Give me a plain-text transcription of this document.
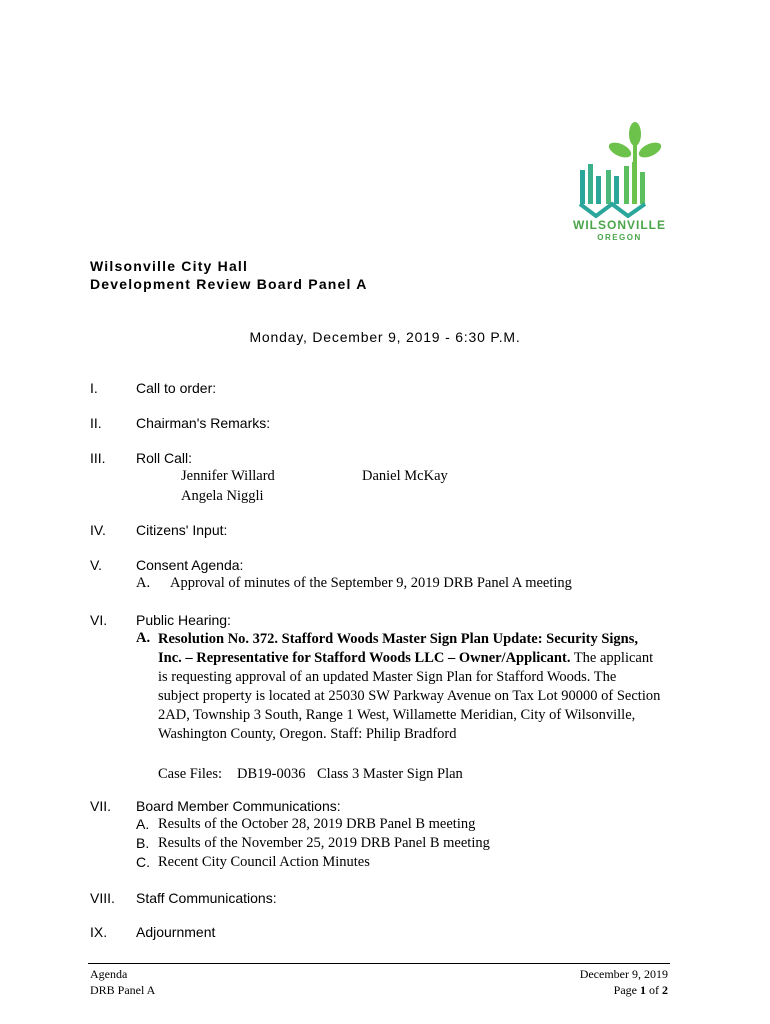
WILSONVILLE
OREGON
Wilsonville City Hall
Development Review Board Panel A
Monday, December 9, 2019 - 6:30 P.M.
I.	Call to order:
II. Chairman's Remarks:
III. Roll Call:
Jennifer Willard	Daniel McKay
Angela Niggli
IV. Citizens' Input:
V. Consent Agenda:
A. Approval of minutes of the September 9, 2019 DRB Panel A meeting
VI. Public Hearing:
A. Resolution No. 372. Stafford Woods Master Sign Plan Update: Security Signs,
Inc. – Representative for Stafford Woods LLC – Owner/Applicant. The applicant
is requesting approval of an updated Master Sign Plan for Stafford Woods. The
subject property is located at 25030 SW Parkway Avenue on Tax Lot 90000 of Section
2AD, Township 3 South, Range 1 West, Willamette Meridian, City of Wilsonville,
Washington County, Oregon. Staff: Philip Bradford
Case Files: DB19-0036 Class 3 Master Sign Plan
VII. Board Member Communications:
A. Results of the October 28, 2019 DRB Panel B meeting
B. Results of the November 25, 2019 DRB Panel B meeting
C. Recent City Council Action Minutes
VIII. Staff Communications:
IX. Adjournment
Agenda
DRB Panel A
December 9, 2019
Page 1 of 2
